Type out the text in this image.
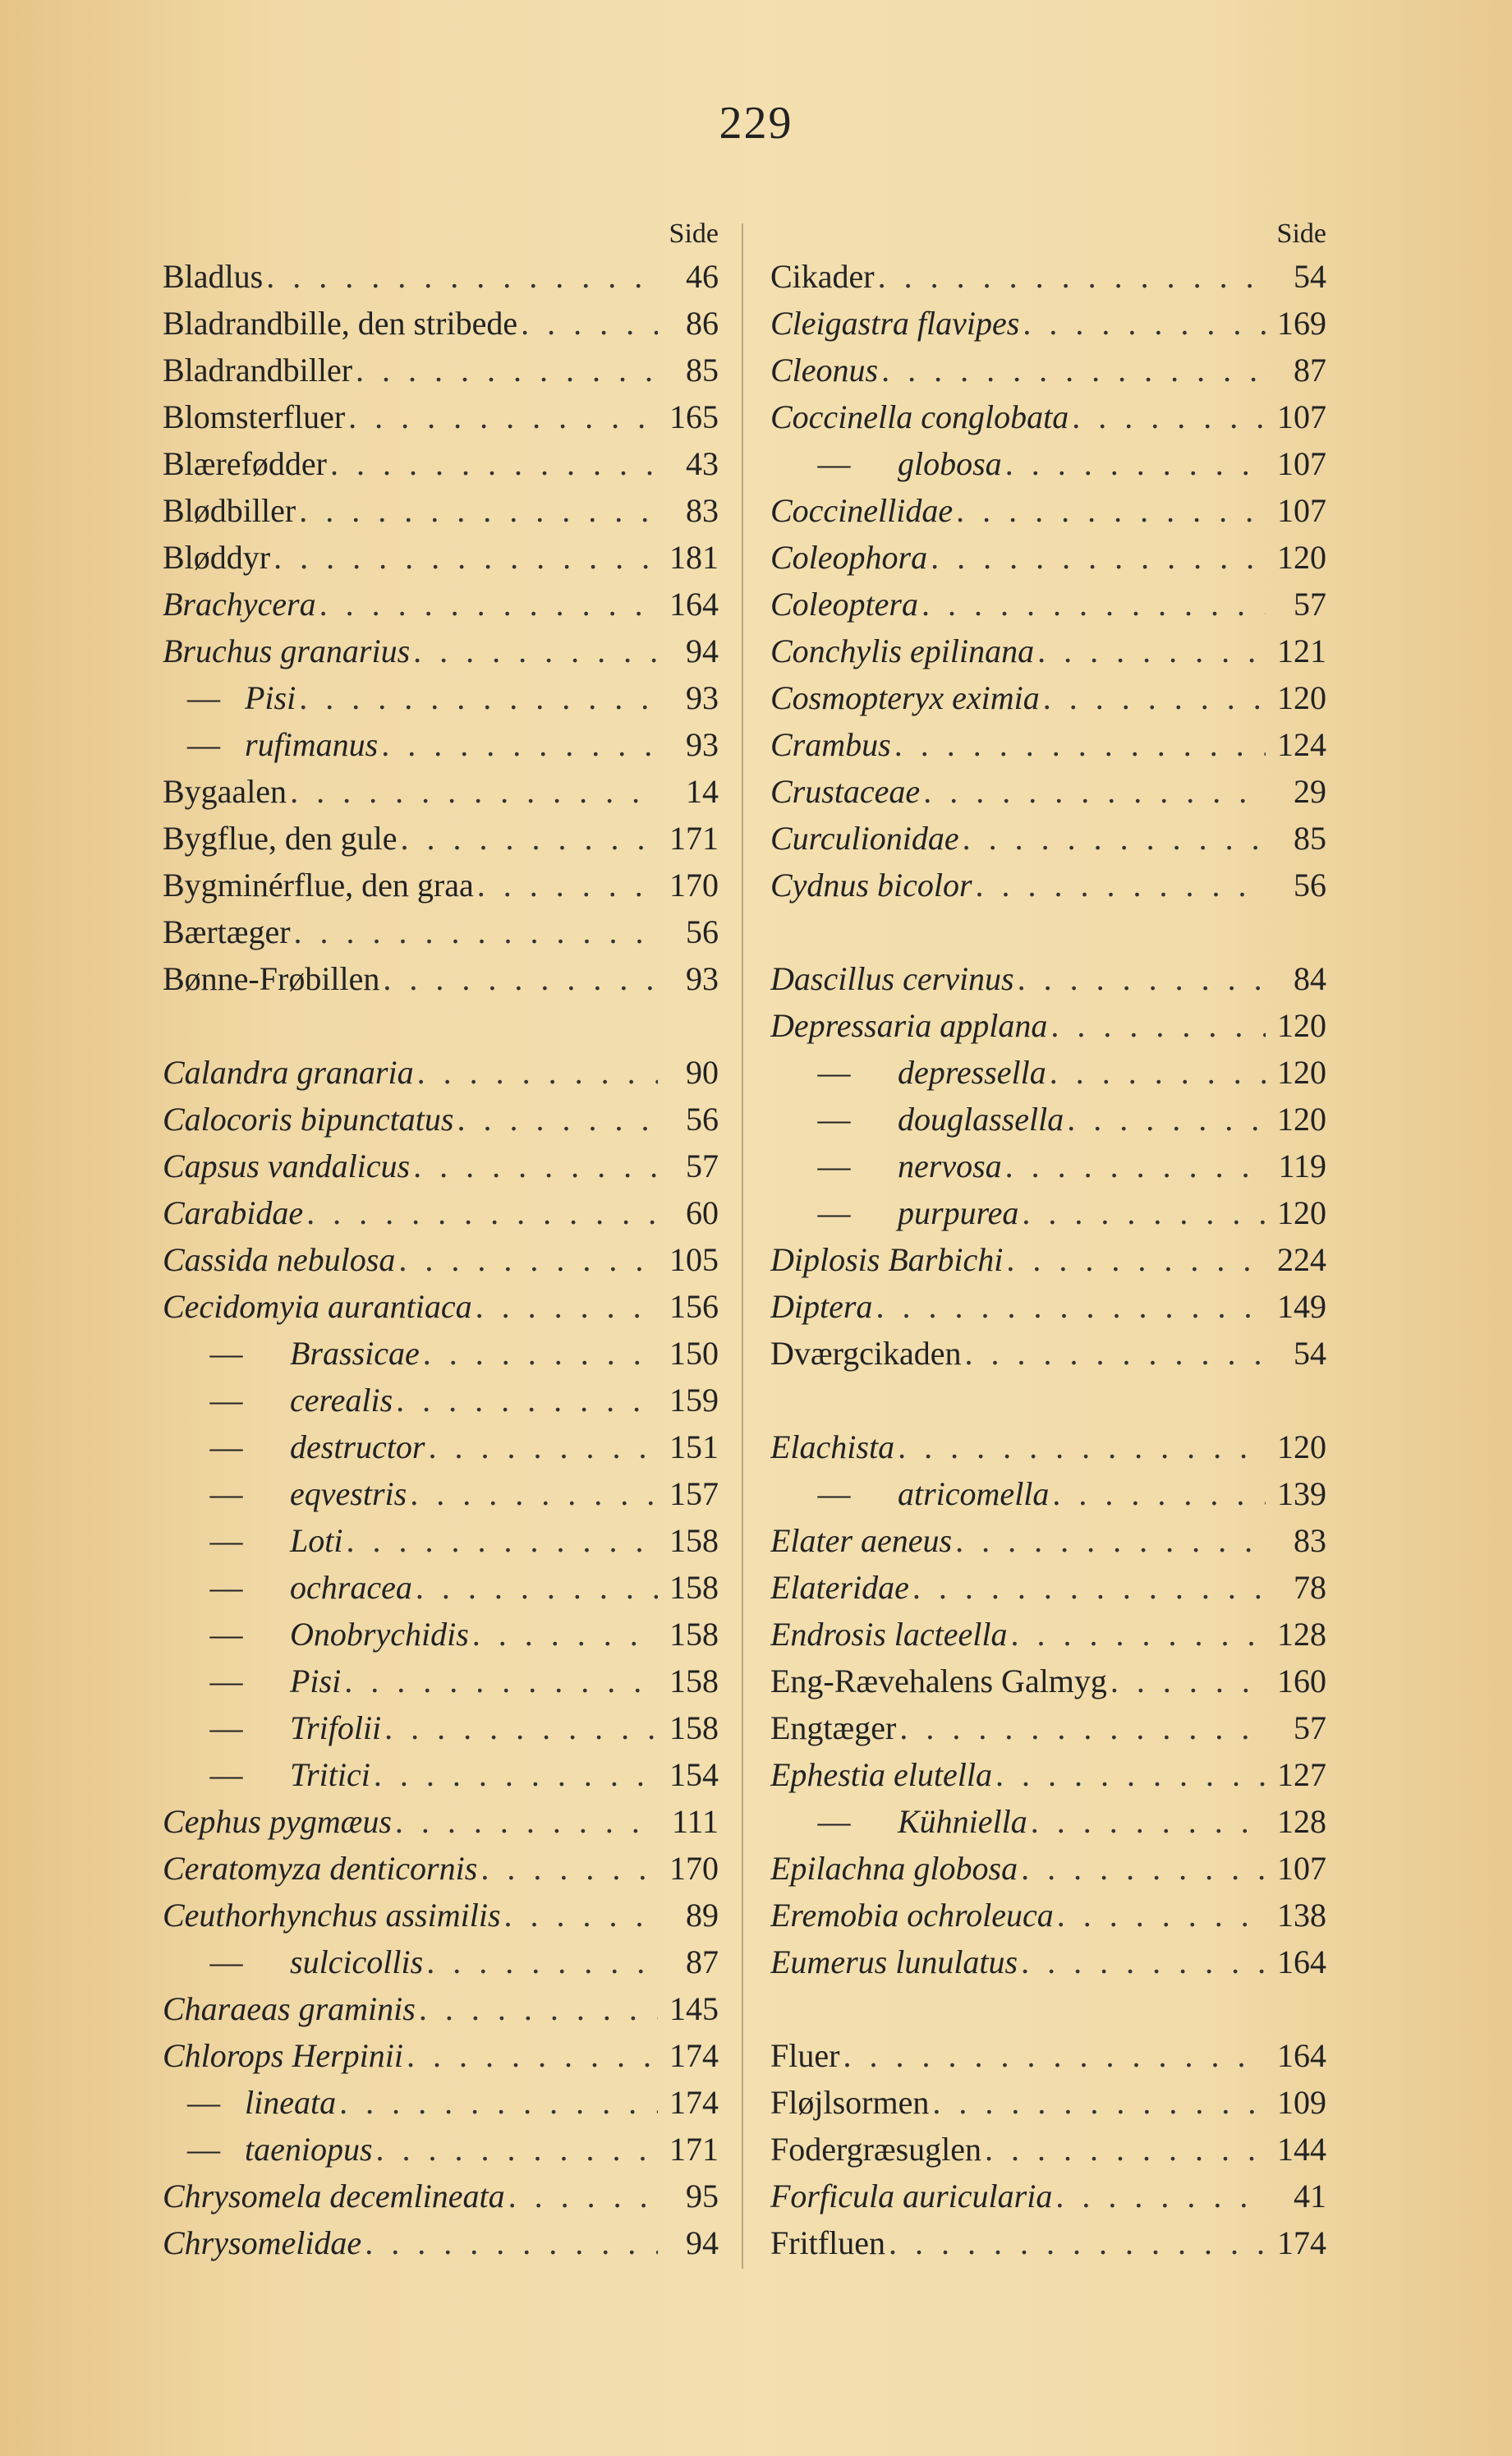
229
Side
Bladlus . . .	46
Bladrandbille, den stribede . . .	86
Bladrandbiller . . .	85
Blomsterfluer . . .	165
Blærefødder . . .	43
Blødbiller . . .	83
Bløddyr . . .	181
Brachycera . . .	164
Bruchus granarius . . .	94
— Pisi . . .	93
— rufimanus . . .	93
Bygaalen . . .	14
Bygflue, den gule . . .	171
Bygminérflue, den graa . . .	170
Bærtæger . . .	56
Bønne-Frøbillen . . .	93
Calandra granaria . . .	90
Calocoris bipunctatus . . .	56
Capsus vandalicus . . .	57
Carabidae . . .	60
Cassida nebulosa . . .	105
Cecidomyia aurantiaca . . .	156
— Brassicae . . .	150
— cerealis . . .	159
— destructor . . .	151
— eqvestris . . .	157
— Loti . . .	158
— ochracea . . .	158
— Onobrychidis . . .	158
— Pisi . . .	158
— Trifolii . . .	158
— Tritici . . .	154
Cephus pygmæus . . .	111
Ceratomyza denticornis . . .	170
Ceuthorhynchus assimilis . . .	89
— sulcicollis . . .	87
Charaeas graminis . . .	145
Chlorops Herpinii . . .	174
— lineata . . .	174
— taeniopus . . .	171
Chrysomela decemlineata . . .	95
Chrysomelidae . . .	94
Side
Cikader . . .	54
Cleigastra flavipes . . .	169
Cleonus . . .	87
Coccinella conglobata . . .	107
— globosa . . .	107
Coccinellidae . . .	107
Coleophora . . .	120
Coleoptera . . .	57
Conchylis epilinana . . .	121
Cosmopteryx eximia . . .	120
Crambus . . .	124
Crustaceae . . .	29
Curculionidae . . .	85
Cydnus bicolor . . .	56
Dascillus cervinus . . .	84
Depressaria applana . . .	120
— depressella . . .	120
— douglassella . . .	120
— nervosa . . .	119
— purpurea . . .	120
Diplosis Barbichi . . .	224
Diptera . . .	149
Dværgcikaden . . .	54
Elachista . . .	120
— atricomella . . .	139
Elater aeneus . . .	83
Elateridae . . .	78
Endrosis lacteella . . .	128
Eng-Rævehalens Galmyg . . .	160
Engtæger . . .	57
Ephestia elutella . . .	127
— Kühniella . . .	128
Epilachna globosa . . .	107
Eremobia ochroleuca . . .	138
Eumerus lunulatus . . .	164
Fluer . . .	164
Fløjlsormen . . .	109
Fodergræsuglen . . .	144
Forficula auricularia . . .	41
Fritfluen . . .	174
